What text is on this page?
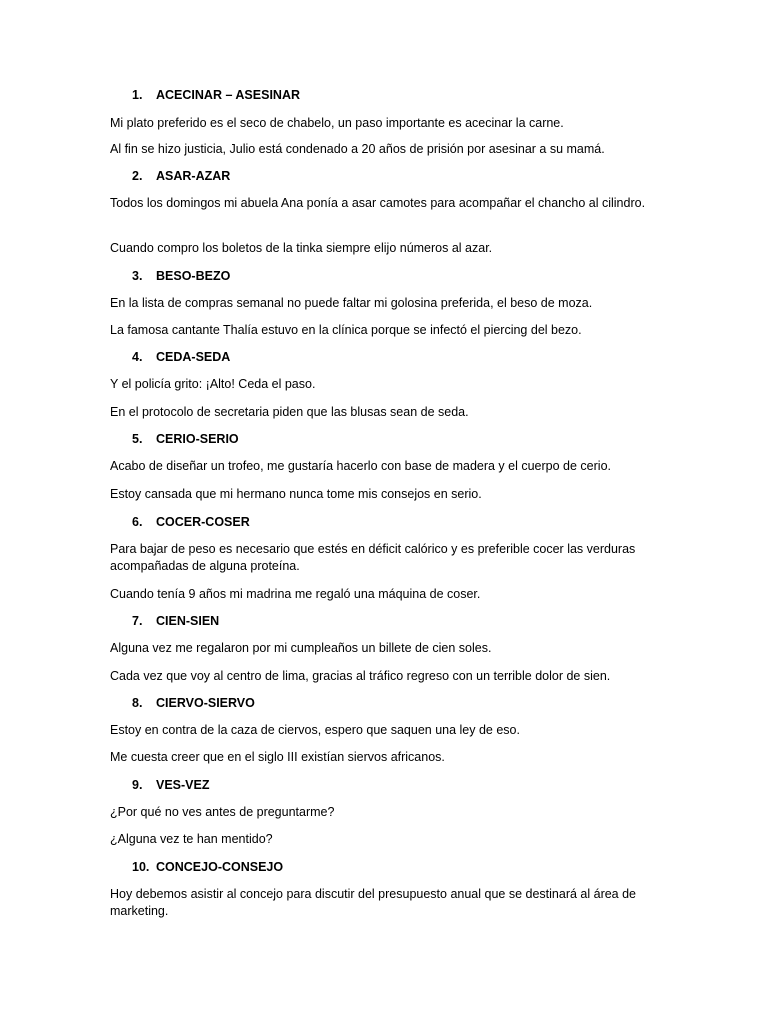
1. ACECINAR – ASESINAR
Mi plato preferido es el seco de chabelo, un paso importante es acecinar la carne.
Al fin se hizo justicia, Julio está condenado a 20 años de prisión por asesinar a su mamá.
2. ASAR-AZAR
Todos los domingos mi abuela Ana ponía a asar camotes para acompañar el chancho al cilindro.
Cuando compro los boletos de la tinka siempre elijo números al azar.
3. BESO-BEZO
En la lista de compras semanal no puede faltar mi golosina preferida, el beso de moza.
La famosa cantante Thalía estuvo en la clínica porque se infectó el piercing del bezo.
4. CEDA-SEDA
Y el policía grito: ¡Alto! Ceda el paso.
En el protocolo de secretaria piden que las blusas sean de seda.
5. CERIO-SERIO
Acabo de diseñar un trofeo, me gustaría hacerlo con base de madera y el cuerpo de cerio.
Estoy cansada que mi hermano nunca tome mis consejos en serio.
6. COCER-COSER
Para bajar de peso es necesario que estés en déficit calórico y es preferible cocer las verduras acompañadas de alguna proteína.
Cuando tenía 9 años mi madrina me regaló una máquina de coser.
7. CIEN-SIEN
Alguna vez me regalaron por mi cumpleaños un billete de cien soles.
Cada vez que voy al centro de lima, gracias al tráfico regreso con un terrible dolor de sien.
8. CIERVO-SIERVO
Estoy en contra de la caza de ciervos, espero que saquen una ley de eso.
Me cuesta creer que en el siglo III existían siervos africanos.
9. VES-VEZ
¿Por qué no ves antes de preguntarme?
¿Alguna vez te han mentido?
10. CONCEJO-CONSEJO
Hoy debemos asistir al concejo para discutir del presupuesto anual que se destinará al área de marketing.
